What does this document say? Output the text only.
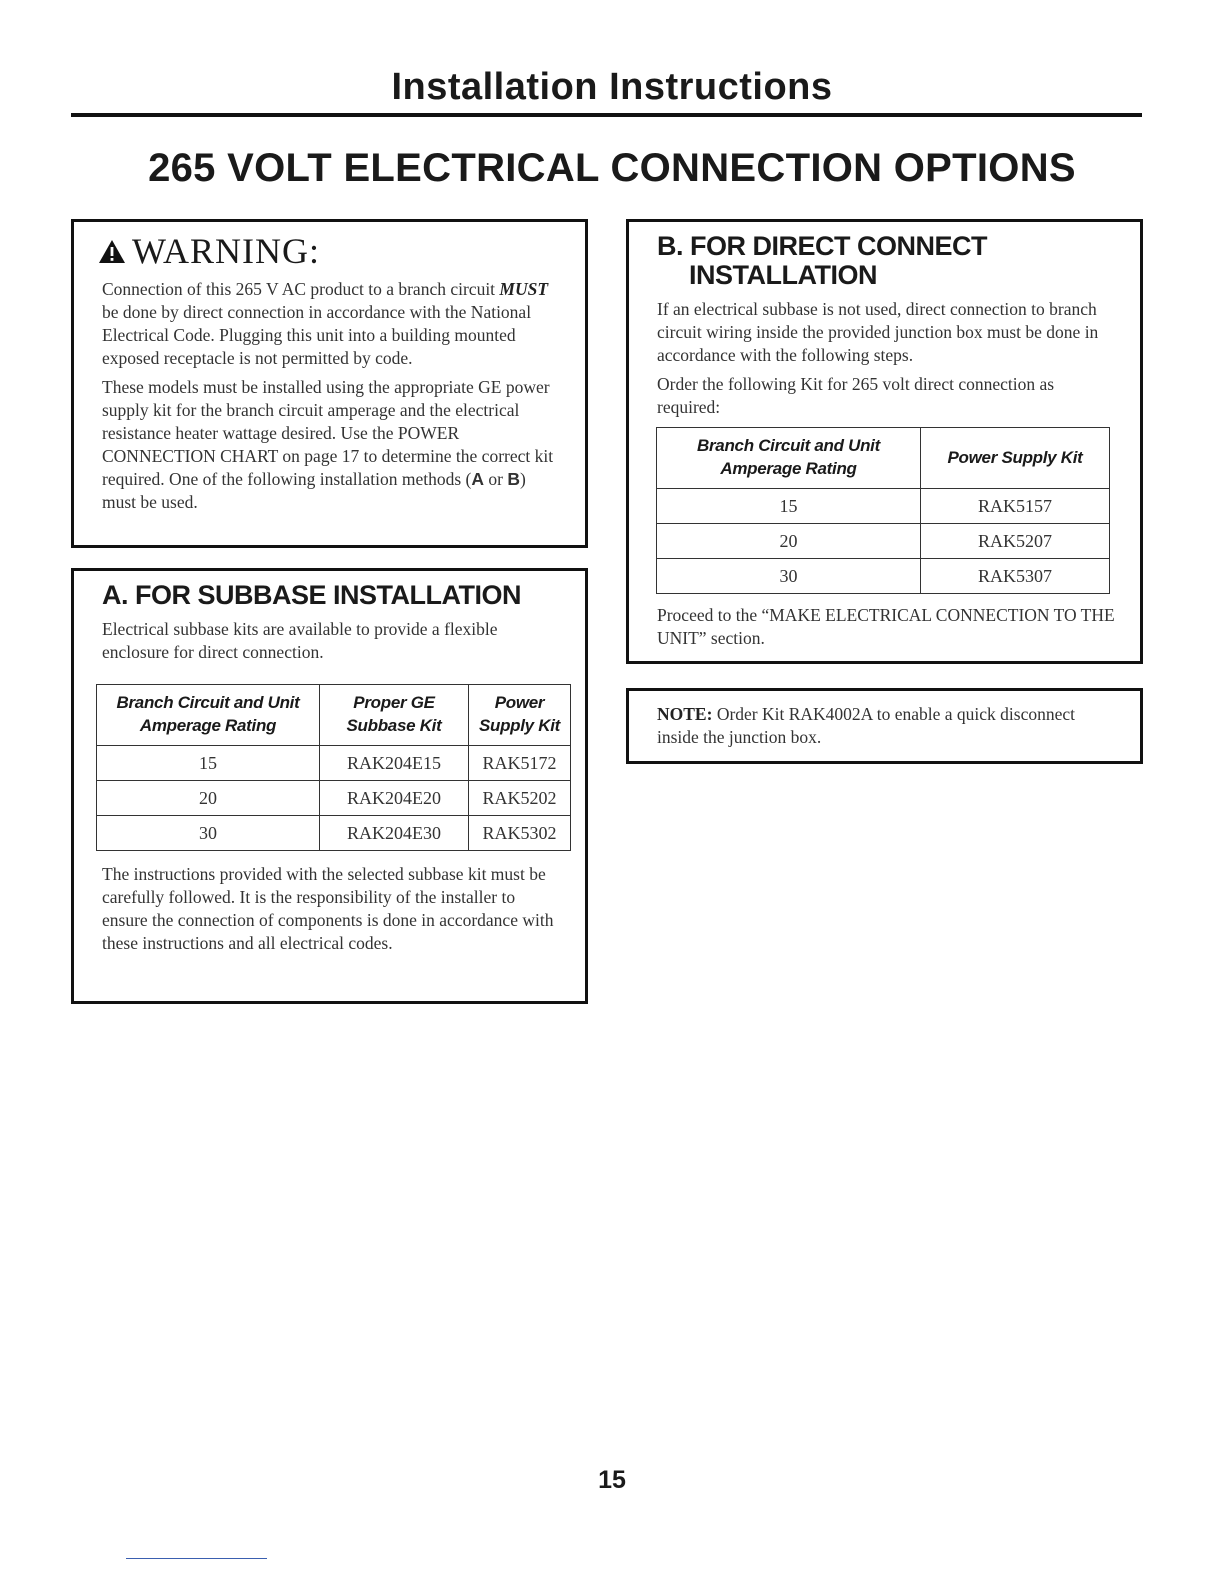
Installation Instructions
265 VOLT ELECTRICAL CONNECTION OPTIONS
WARNING:

Connection of this 265 V AC product to a branch circuit MUST be done by direct connection in accordance with the National Electrical Code. Plugging this unit into a building mounted exposed receptacle is not permitted by code.

These models must be installed using the appropriate GE power supply kit for the branch circuit amperage and the electrical resistance heater wattage desired. Use the POWER CONNECTION CHART on page 17 to determine the correct kit required. One of the following installation methods (A or B) must be used.

A. FOR SUBBASE INSTALLATION
Electrical subbase kits are available to provide a flexible enclosure for direct connection.
Branch Circuit and Unit Amperage Rating	Proper GE Subbase Kit	Power Supply Kit
15	RAK204E15	RAK5172
20	RAK204E20	RAK5202
30	RAK204E30	RAK5302
The instructions provided with the selected subbase kit must be carefully followed. It is the responsibility of the installer to ensure the connection of components is done in accordance with these instructions and all electrical codes.
B. FOR DIRECT CONNECT
INSTALLATION

If an electrical subbase is not used, direct connection to branch circuit wiring inside the provided junction box must be done in accordance with the following steps.

Order the following Kit for 265 volt direct connection as required:

Branch Circuit and Unit Amperage Rating	Power Supply Kit
15	RAK5157
20	RAK5207
30	RAK5307
Proceed to the “MAKE ELECTRICAL CONNECTION TO THE UNIT” section.
NOTE: Order Kit RAK4002A to enable a quick disconnect inside the junction box.
15
